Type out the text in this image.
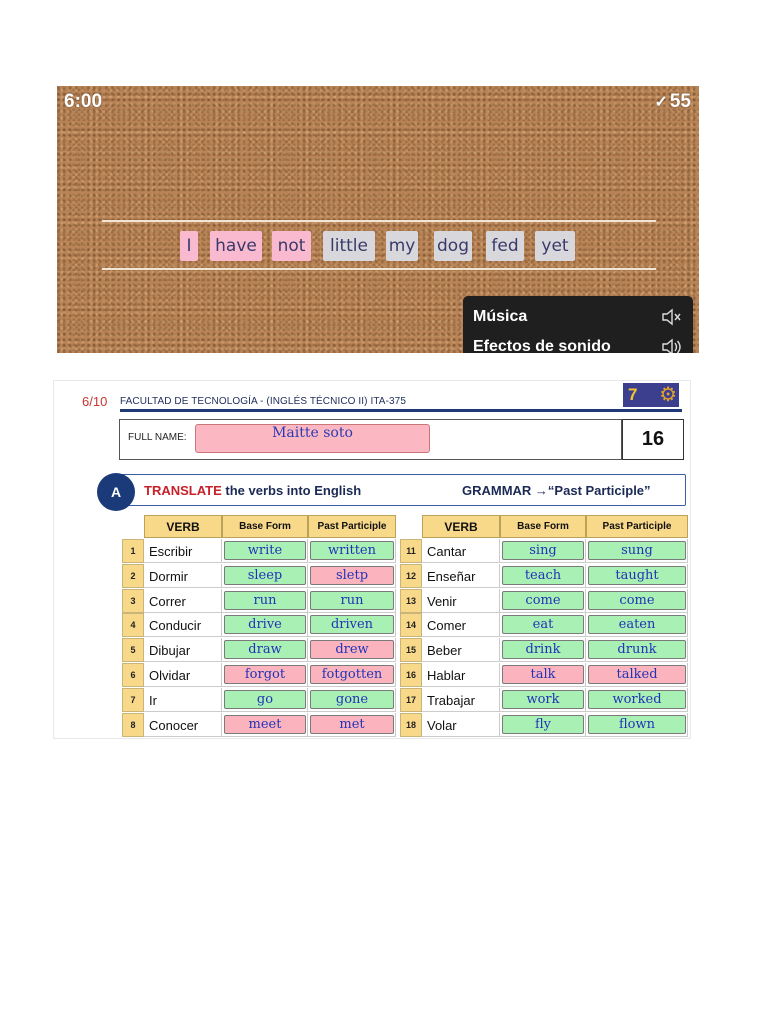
6:00	✓ 55
I	have	not	little	my dog	fed	yet
Música
Efectos de sonido
6/10 FACULTAD DE TECNOLOGÍA - (INGLÉS TÉCNICO II) ITA-375	7 ⚙
FULL NAME:	Maitte soto	16
A	TRANSLATE the verbs into English	GRAMMAR →“Past Participle”
VERB	Base Form	Past Participle	VERB	Base Form	Past Participle
1	Escribir	write	written
2	Dormir	sleep	sletp
3	Correr	run	run
4	Conducir	drive	driven
5	Dibujar	draw	drew
6	Olvidar	forgot	fotgotten
7	Ir	go	gone
8	Conocer	meet	met
11 Cantar	sing	sung
12 Enseñar	teach	taught
13 Venir	come	come
14 Comer	eat	eaten
15 Beber	drink	drunk
16 Hablar	talk	talked
17 Trabajar	work	worked
18 Volar	fly	flown
